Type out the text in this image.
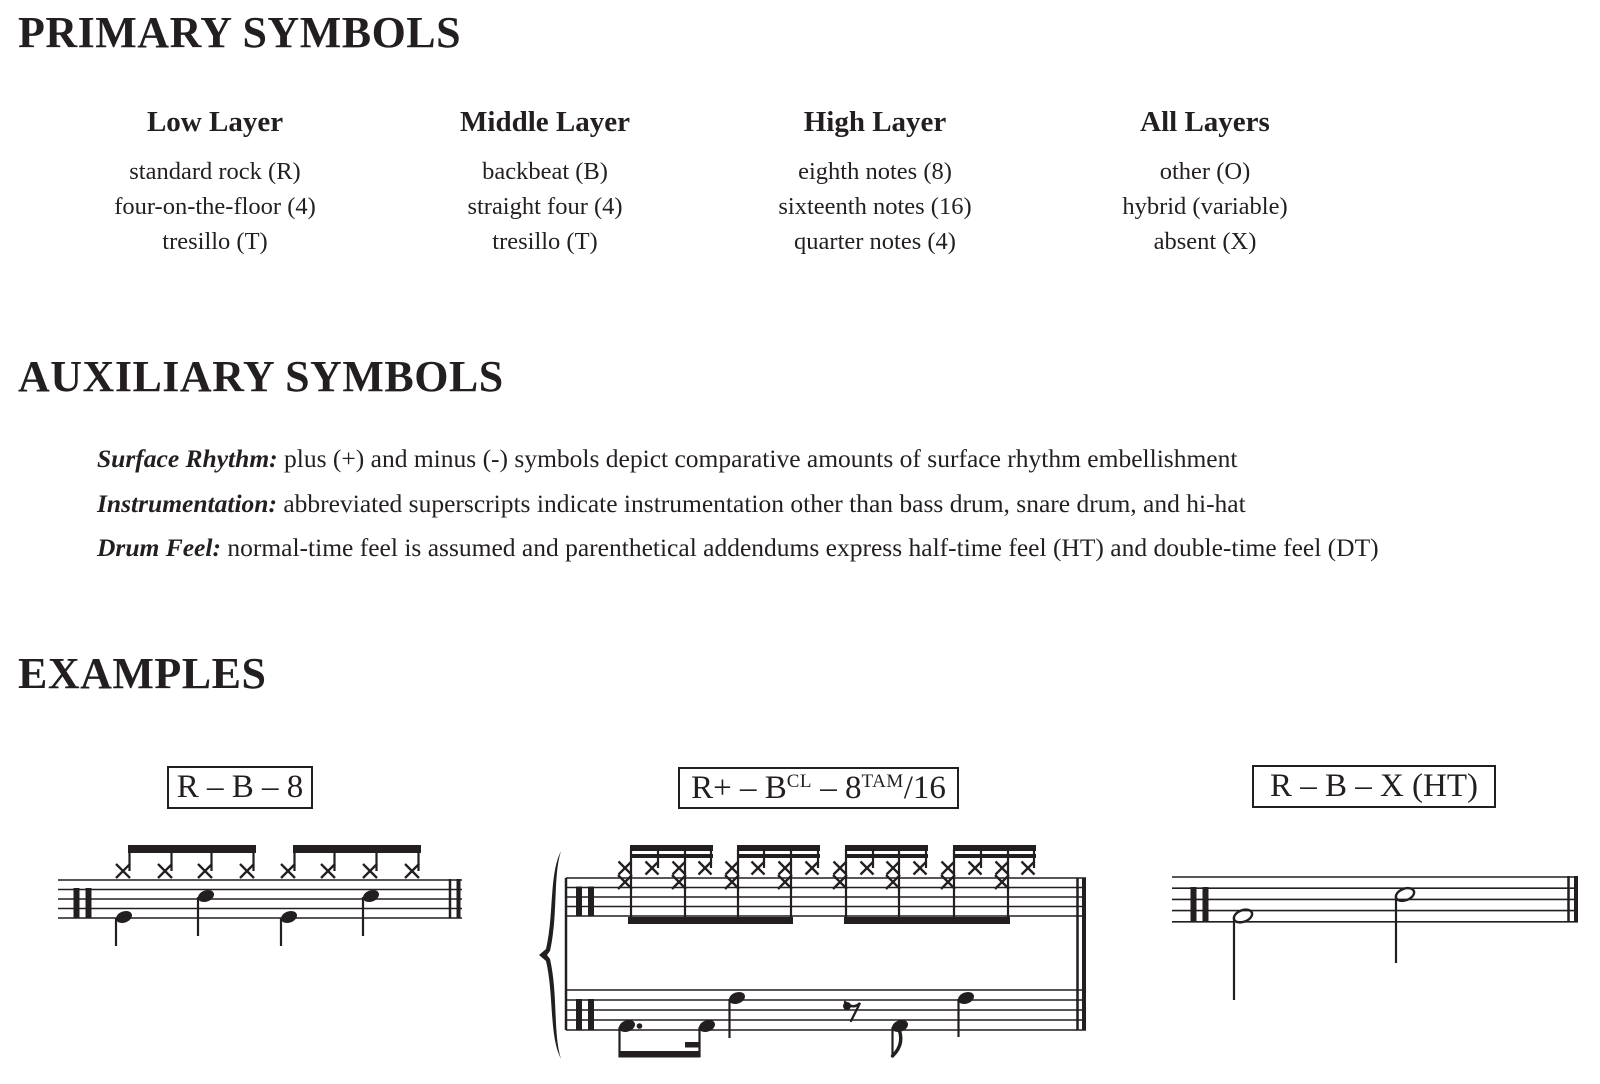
PRIMARY SYMBOLS
Low Layer
standard rock (R)
four-on-the-floor (4)
tresillo (T)
Middle Layer
backbeat (B)
straight four (4)
tresillo (T)
High Layer
eighth notes (8)
sixteenth notes (16)
quarter notes (4)
All Layers
other (O)
hybrid (variable)
absent (X)
AUXILIARY SYMBOLS
Surface Rhythm: plus (+) and minus (-) symbols depict comparative amounts of surface rhythm embellishment
Instrumentation: abbreviated superscripts indicate instrumentation other than bass drum, snare drum, and hi-hat
Drum Feel: normal-time feel is assumed and parenthetical addendums express half-time feel (HT) and double-time feel (DT)
EXAMPLES
R – B – 8	$R+ - B^{CL} - 8^{TAM}/16$	R – B – X (HT)
